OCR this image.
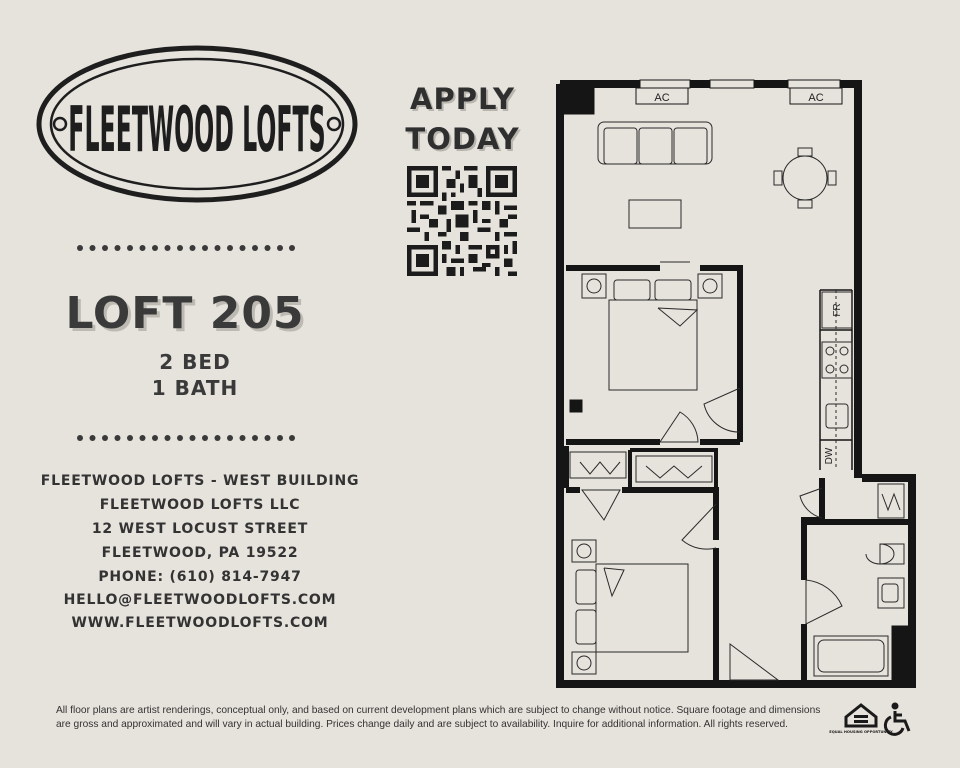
FLEETWOOD LOFTS
LOFT 205
2 BED
1 BATH
FLEETWOOD LOFTS - WEST BUILDING
FLEETWOOD LOFTS LLC
12 WEST LOCUST STREET
FLEETWOOD, PA 19522
PHONE: (610) 814-7947
HELLO@FLEETWOODLOFTS.COM
WWW.FLEETWOODLOFTS.COM
APPLY
TODAY
AC	AC
FR
DW
All floor plans are artist renderings, conceptual only, and based on current development plans which are subject to change without notice. Square footage and dimensions
are gross and approximated and will vary in actual building. Prices change daily and are subject to availability. Inquire for additional information. All rights reserved.
EQUAL HOUSING OPPORTUNITY
